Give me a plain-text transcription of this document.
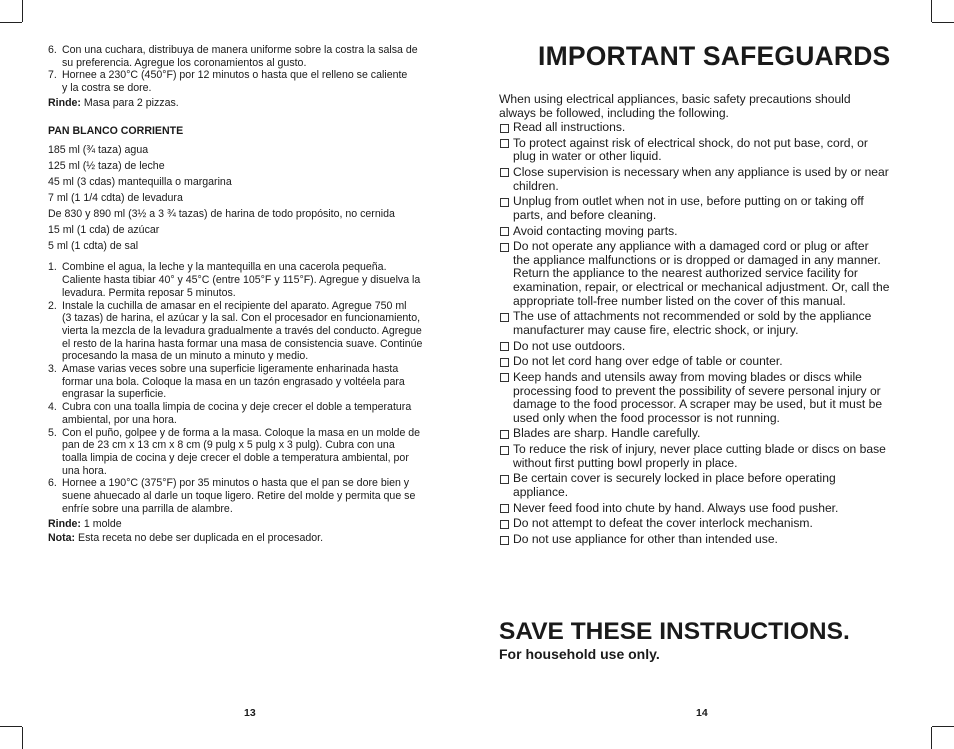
6. Con una cuchara, distribuya de manera uniforme sobre la costra la salsa de
su preferencia. Agregue los coronamientos al gusto.
7. Hornee a 230°C (450°F) por 12 minutos o hasta que el relleno se caliente
y la costra se dore.
Rinde: Masa para 2 pizzas.
PAN BLANCO CORRIENTE
185 ml (¾ taza) agua
125 ml (½ taza) de leche
45 ml (3 cdas) mantequilla o margarina
7 ml (1 1/4 cdta) de levadura
De 830 y 890 ml (3½ a 3 ¾ tazas) de harina de todo propósito, no cernida
15 ml (1 cda) de azúcar
5 ml (1 cdta) de sal
1. Combine el agua, la leche y la mantequilla en una cacerola pequeña.
Caliente hasta tibiar 40° y 45°C (entre 105°F y 115°F). Agregue y disuelva la
levadura. Permita reposar 5 minutos.
2. Instale la cuchilla de amasar en el recipiente del aparato. Agregue 750 ml
(3 tazas) de harina, el azúcar y la sal. Con el procesador en funcionamiento,
vierta la mezcla de la levadura gradualmente a través del conducto. Agregue
el resto de la harina hasta formar una masa de consistencia suave. Continúe
procesando la masa de un minuto a minuto y medio.
3. Amase varias veces sobre una superficie ligeramente enharinada hasta
formar una bola. Coloque la masa en un tazón engrasado y voltéela para
engrasar la superficie.
4. Cubra con una toalla limpia de cocina y deje crecer el doble a temperatura
ambiental, por una hora.
5. Con el puño, golpee y de forma a la masa. Coloque la masa en un molde de
pan de 23 cm x 13 cm x 8 cm (9 pulg x 5 pulg x 3 pulg). Cubra con una
toalla limpia de cocina y deje crecer el doble a temperatura ambiental, por
una hora.
6. Hornee a 190°C (375°F) por 35 minutos o hasta que el pan se dore bien y
suene ahuecado al darle un toque ligero. Retire del molde y permita que se
enfríe sobre una parrilla de alambre.
Rinde: 1 molde
Nota: Esta receta no debe ser duplicada en el procesador.
13
IMPORTANT SAFEGUARDS
When using electrical appliances, basic safety precautions should
always be followed, including the following.
Read all instructions.
To protect against risk of electrical shock, do not put base, cord, or
plug in water or other liquid.
Close supervision is necessary when any appliance is used by or near
children.
Unplug from outlet when not in use, before putting on or taking off
parts, and before cleaning.
Avoid contacting moving parts.
Do not operate any appliance with a damaged cord or plug or after
the appliance malfunctions or is dropped or damaged in any manner.
Return the appliance to the nearest authorized service facility for
examination, repair, or electrical or mechanical adjustment. Or, call the
appropriate toll-free number listed on the cover of this manual.
The use of attachments not recommended or sold by the appliance
manufacturer may cause fire, electric shock, or injury.
Do not use outdoors.
Do not let cord hang over edge of table or counter.
Keep hands and utensils away from moving blades or discs while
processing food to prevent the possibility of severe personal injury or
damage to the food processor. A scraper may be used, but it must be
used only when the food processor is not running.
Blades are sharp. Handle carefully.
To reduce the risk of injury, never place cutting blade or discs on base
without first putting bowl properly in place.
Be certain cover is securely locked in place before operating
appliance.
Never feed food into chute by hand. Always use food pusher.
Do not attempt to defeat the cover interlock mechanism.
Do not use appliance for other than intended use.
SAVE THESE INSTRUCTIONS.
For household use only.
14
